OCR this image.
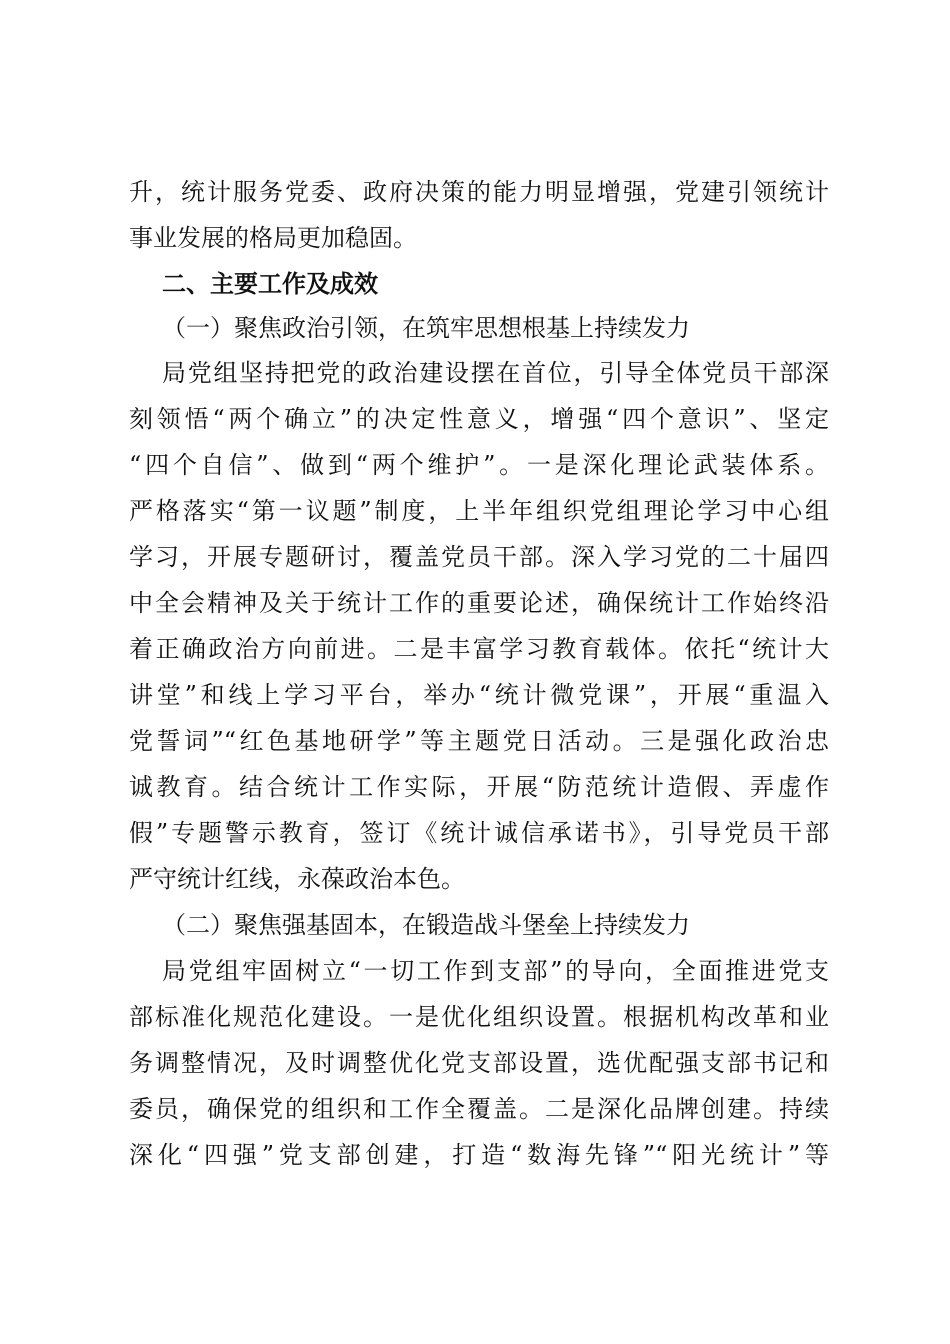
升，统计服务党委、政府决策的能力明显增强，党建引领统计
事业发展的格局更加稳固。
二、主要工作及成效
（一）聚焦政治引领，在筑牢思想根基上持续发力
局党组坚持把党的政治建设摆在首位，引导全体党员干部深
刻领悟“两个确立”的决定性意义，增强“四个意识”、坚定
“四个自信”、做到“两个维护”。一是深化理论武装体系。
严格落实“第一议题”制度，上半年组织党组理论学习中心组
学习，开展专题研讨，覆盖党员干部。深入学习党的二十届四
中全会精神及关于统计工作的重要论述，确保统计工作始终沿
着正确政治方向前进。二是丰富学习教育载体。依托“统计大
讲堂”和线上学习平台，举办“统计微党课”，开展“重温入
党誓词”“红色基地研学”等主题党日活动。三是强化政治忠
诚教育。结合统计工作实际，开展“防范统计造假、弄虚作
假”专题警示教育，签订《统计诚信承诺书》，引导党员干部
严守统计红线，永葆政治本色。
（二）聚焦强基固本，在锻造战斗堡垒上持续发力
局党组牢固树立“一切工作到支部”的导向，全面推进党支
部标准化规范化建设。一是优化组织设置。根据机构改革和业
务调整情况，及时调整优化党支部设置，选优配强支部书记和
委员，确保党的组织和工作全覆盖。二是深化品牌创建。持续
深化“四强”党支部创建，打造“数海先锋”“阳光统计”等
